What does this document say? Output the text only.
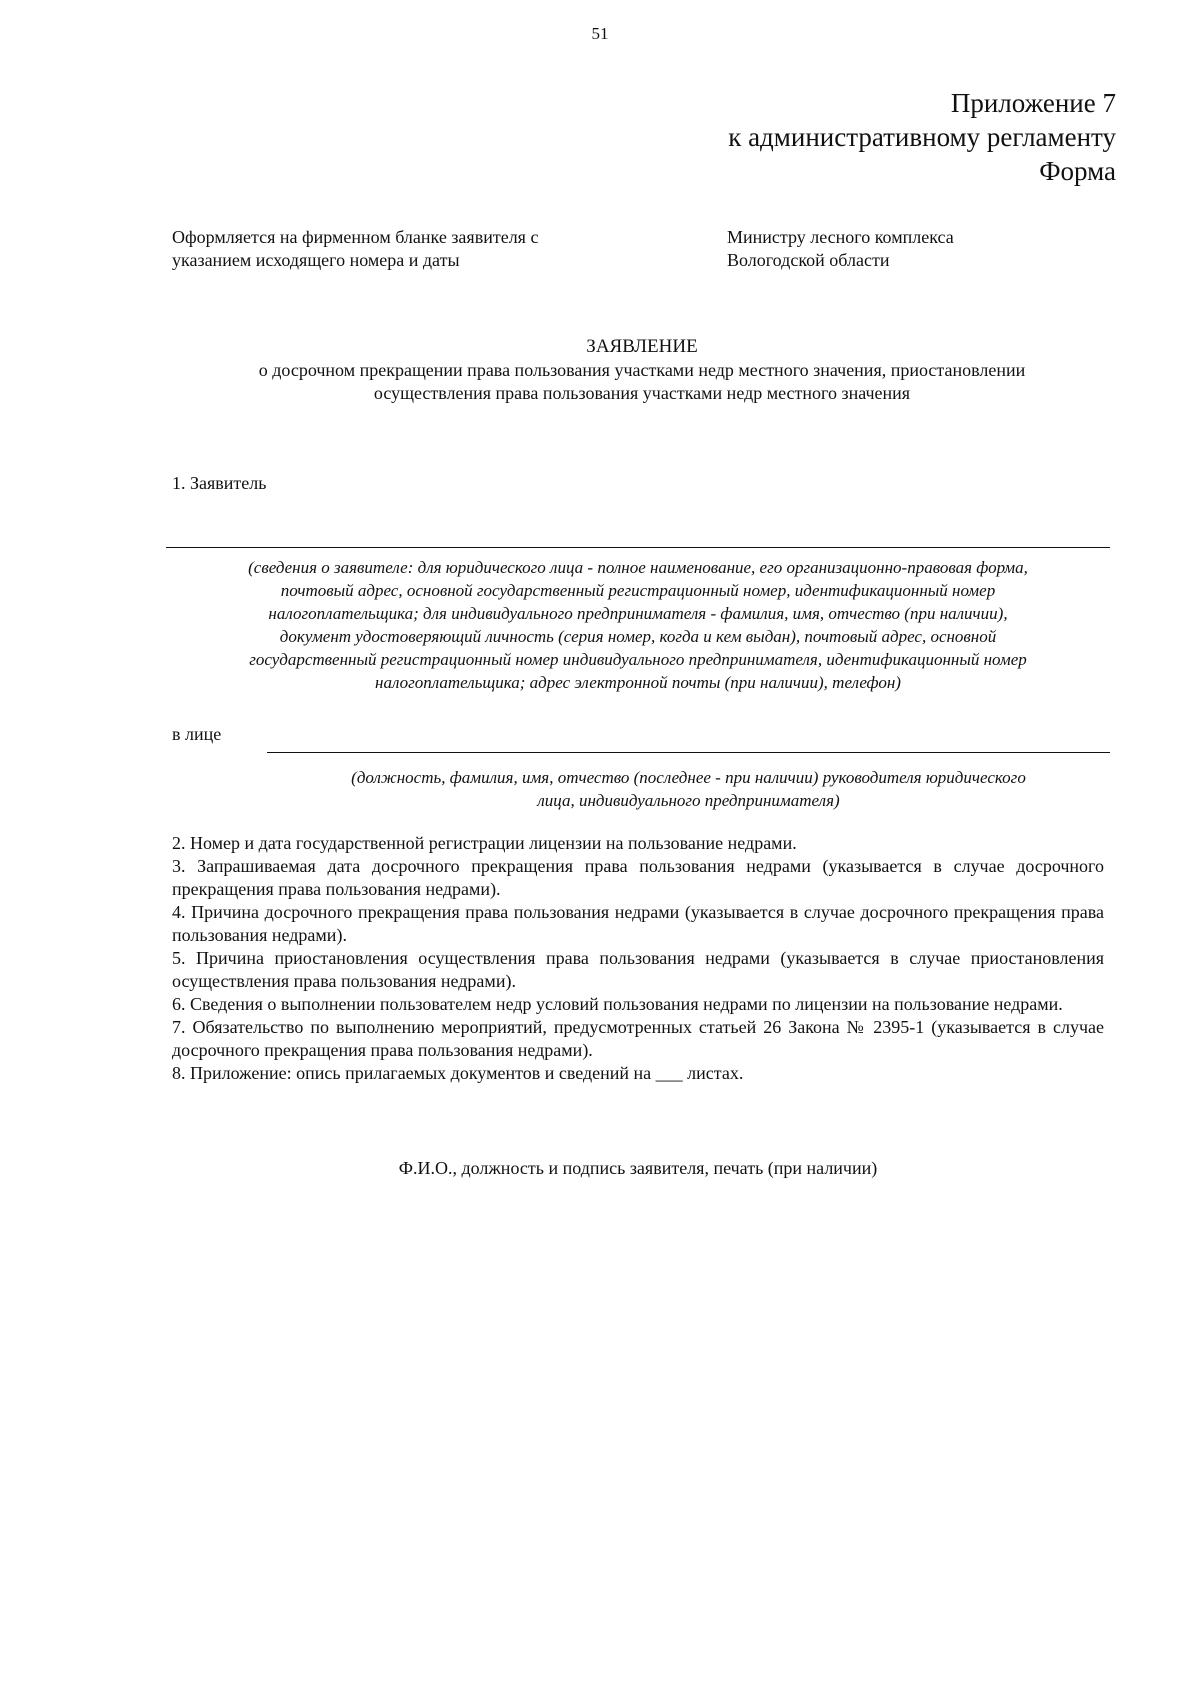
51
Приложение 7
к административному регламенту
Форма
Оформляется на фирменном бланке заявителя с
указанием исходящего номера и даты
Министру лесного комплекса
Вологодской области
ЗАЯВЛЕНИЕ
о досрочном прекращении права пользования участками недр местного значения, приостановлении
осуществления права пользования участками недр местного значения
1. Заявитель
(сведения о заявителе: для юридического лица - полное наименование, его организационно-правовая форма,
почтовый адрес, основной государственный регистрационный номер, идентификационный номер
налогоплательщика; для индивидуального предпринимателя - фамилия, имя, отчество (при наличии),
документ удостоверяющий личность (серия номер, когда и кем выдан), почтовый адрес, основной
государственный регистрационный номер индивидуального предпринимателя, идентификационный номер
налогоплательщика; адрес электронной почты (при наличии), телефон)
в лице
(должность, фамилия, имя, отчество (последнее - при наличии) руководителя юридического
лица, индивидуального предпринимателя)
2. Номер и дата государственной регистрации лицензии на пользование недрами.
3. Запрашиваемая дата досрочного прекращения права пользования недрами (указывается в случае досрочного прекращения права пользования недрами).
4. Причина досрочного прекращения права пользования недрами (указывается в случае досрочного прекращения права пользования недрами).
5. Причина приостановления осуществления права пользования недрами (указывается в случае приостановления осуществления права пользования недрами).
6. Сведения о выполнении пользователем недр условий пользования недрами по лицензии на пользование недрами.
7. Обязательство по выполнению мероприятий, предусмотренных статьей 26 Закона № 2395-1 (указывается в случае досрочного прекращения права пользования недрами).
8. Приложение: опись прилагаемых документов и сведений на ___ листах.
Ф.И.О., должность и подпись заявителя, печать (при наличии)
